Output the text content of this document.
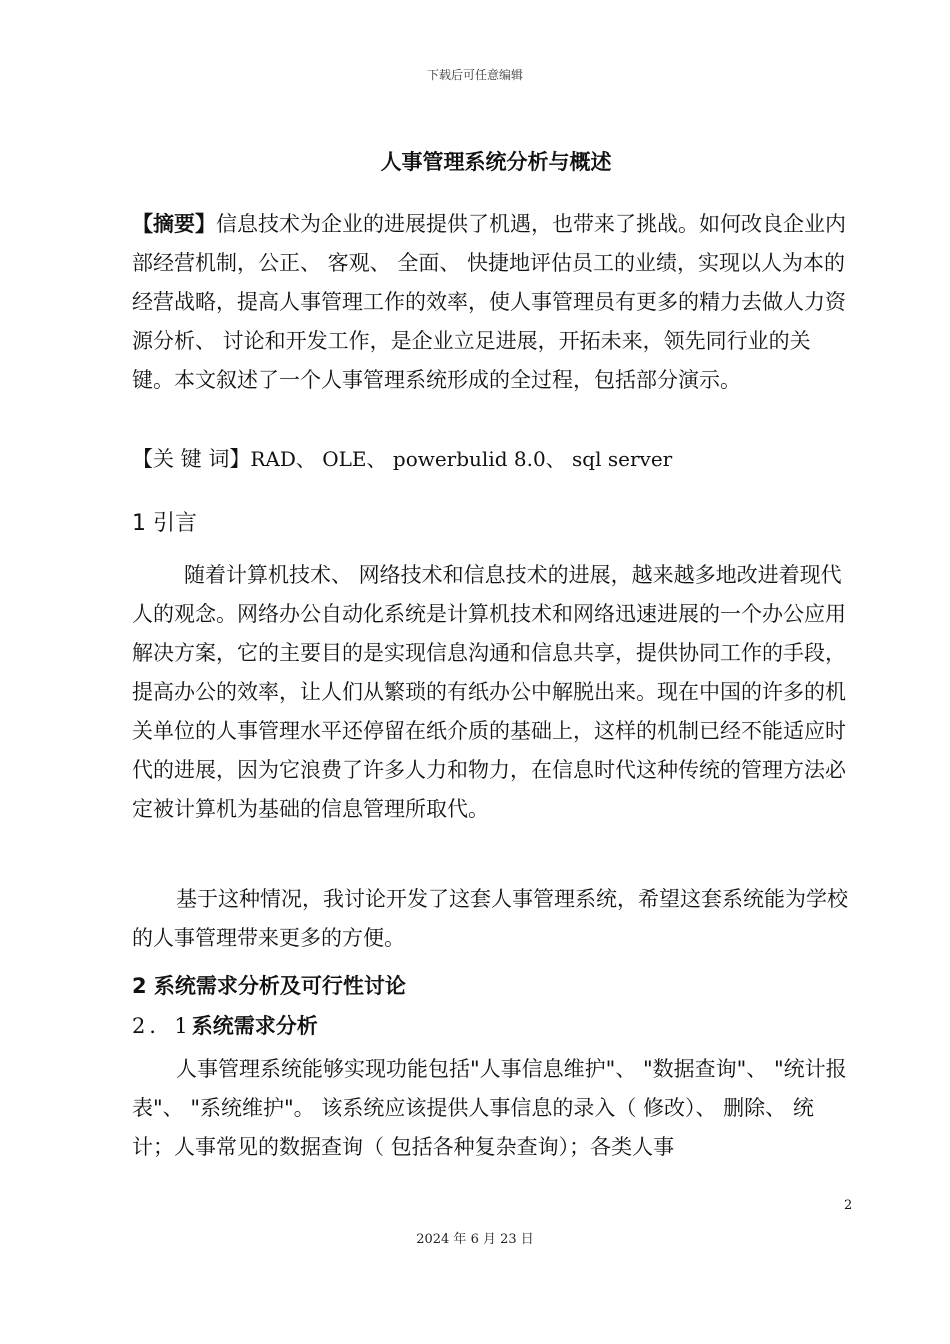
下载后可任意编辑
人事管理系统分析与概述
【摘要】信息技术为企业的进展提供了机遇，也带来了挑战。如何改良企业内部经营机制，公正、 客观、 全面、 快捷地评估员工的业绩，实现以人为本的经营战略，提高人事管理工作的效率，使人事管理员有更多的精力去做人力资源分析、 讨论和开发工作，是企业立足进展，开拓未来，领先同行业的关键。本文叙述了一个人事管理系统形成的全过程，包括部分演示。
【关 键 词】RAD、 OLE、 powerbulid 8.0、 sql server
1 引言
随着计算机技术、 网络技术和信息技术的进展，越来越多地改进着现代人的观念。网络办公自动化系统是计算机技术和网络迅速进展的一个办公应用解决方案，它的主要目的是实现信息沟通和信息共享，提供协同工作的手段，提高办公的效率，让人们从繁琐的有纸办公中解脱出来。现在中国的许多的机关单位的人事管理水平还停留在纸介质的基础上，这样的机制已经不能适应时代的进展，因为它浪费了许多人力和物力，在信息时代这种传统的管理方法必定被计算机为基础的信息管理所取代。
基于这种情况，我讨论开发了这套人事管理系统，希望这套系统能为学校的人事管理带来更多的方便。
2 系统需求分析及可行性讨论
2．1系统需求分析
人事管理系统能够实现功能包括"人事信息维护"、 "数据查询"、 "统计报表"、 "系统维护"。 该系统应该提供人事信息的录入（ 修改）、 删除、 统计；人事常见的数据查询（ 包括各种复杂查询）；各类人事
2
2024 年 6 月 23 日
